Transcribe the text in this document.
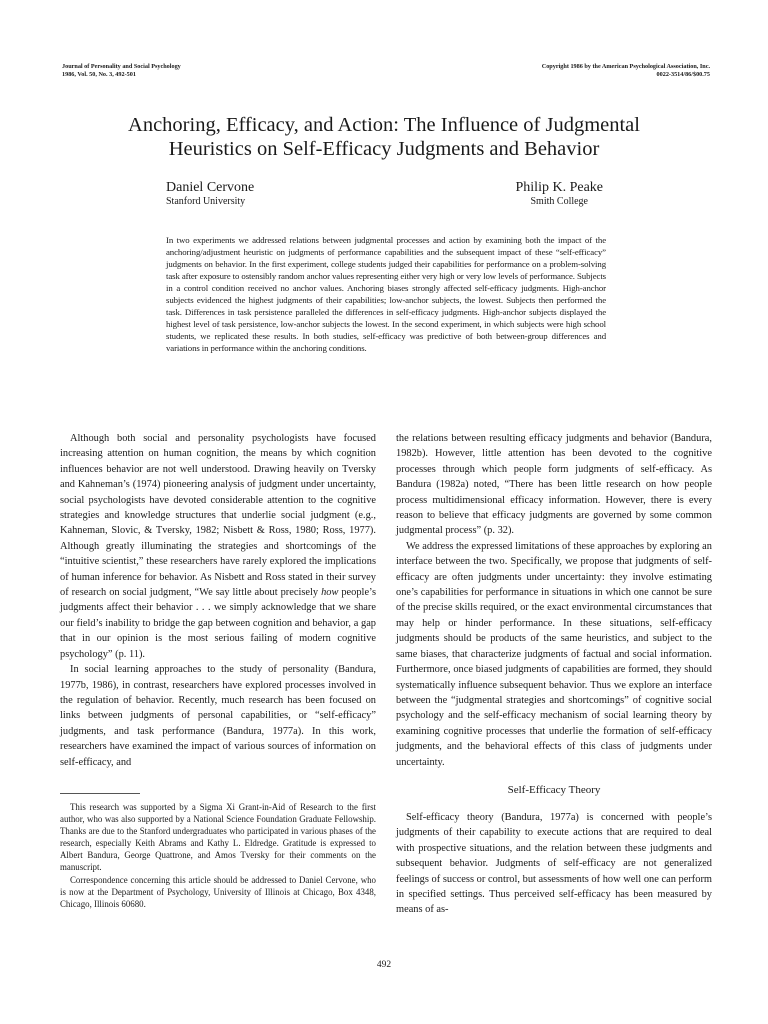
Journal of Personality and Social Psychology
1986, Vol. 50, No. 3, 492-501
Copyright 1986 by the American Psychological Association, Inc.
0022-3514/86/$00.75
Anchoring, Efficacy, and Action: The Influence of Judgmental
Heuristics on Self-Efficacy Judgments and Behavior
Daniel Cervone
Stanford University
Philip K. Peake
Smith College

In two experiments we addressed relations between judgmental processes and action by examining both the impact of the anchoring/adjustment heuristic on judgments of performance capabilities and the subsequent impact of these “self-efficacy” judgments on behavior. In the first experiment, college students judged their capabilities for performance on a problem-solving task after exposure to ostensibly random anchor values representing either very high or very low levels of performance. Subjects in a control condition received no anchor values. Anchoring biases strongly affected self-efficacy judgments. High-anchor subjects evidenced the highest judgments of their capabilities; low-anchor subjects, the lowest. Subjects then performed the task. Differences in task persistence paralleled the differences in self-efficacy judgments. High-anchor subjects displayed the highest level of task persistence, low-anchor subjects the lowest. In the second experiment, in which subjects were high school students, we replicated these results. In both studies, self-efficacy was predictive of both between-group differences and variations in performance within the anchoring conditions.

Although both social and personality psychologists have focused increasing attention on human cognition, the means by which cognition influences behavior are not well understood. Drawing heavily on Tversky and Kahneman’s (1974) pioneering analysis of judgment under uncertainty, social psychologists have devoted considerable attention to the cognitive strategies and knowledge structures that underlie social judgment (e.g., Kahneman, Slovic, & Tversky, 1982; Nisbett & Ross, 1980; Ross, 1977). Although greatly illuminating the strategies and shortcomings of the “intuitive scientist,” these researchers have rarely explored the implications of human inference for behavior. As Nisbett and Ross stated in their survey of research on social judgment, “We say little about precisely how people’s judgments affect their behavior . . . we simply acknowledge that we share our field’s inability to bridge the gap between cognition and behavior, a gap that in our opinion is the most serious failing of modern cognitive psychology” (p. 11).

In social learning approaches to the study of personality (Bandura, 1977b, 1986), in contrast, researchers have explored processes involved in the regulation of behavior. Recently, much research has been focused on links between judgments of personal capabilities, or “self-efficacy” judgments, and task performance (Bandura, 1977a). In this work, researchers have examined the impact of various sources of information on self-efficacy, and

This research was supported by a Sigma Xi Grant-in-Aid of Research to the first author, who was also supported by a National Science Foundation Graduate Fellowship. Thanks are due to the Stanford undergraduates who participated in various phases of the research, especially Keith Abrams and Kathy L. Eldredge. Gratitude is expressed to Albert Bandura, George Quattrone, and Amos Tversky for their comments on the manuscript.

Correspondence concerning this article should be addressed to Daniel Cervone, who is now at the Department of Psychology, University of Illinois at Chicago, Box 4348, Chicago, Illinois 60680.

the relations between resulting efficacy judgments and behavior (Bandura, 1982b). However, little attention has been devoted to the cognitive processes through which people form judgments of self-efficacy. As Bandura (1982a) noted, “There has been little research on how people process multidimensional efficacy information. However, there is every reason to believe that efficacy judgments are governed by some common judgmental process” (p. 32).

We address the expressed limitations of these approaches by exploring an interface between the two. Specifically, we propose that judgments of self-efficacy are often judgments under uncertainty: they involve estimating one’s capabilities for performance in situations in which one cannot be sure of the precise skills required, or the exact environmental circumstances that may help or hinder performance. In these situations, self-efficacy judgments should be products of the same heuristics, and subject to the same biases, that characterize judgments of factual and social information. Furthermore, once biased judgments of capabilities are formed, they should systematically influence subsequent behavior. Thus we explore an interface between the “judgmental strategies and shortcomings” of cognitive social psychology and the self-efficacy mechanism of social learning theory by examining cognitive processes that underlie the formation of self-efficacy judgments, and the behavioral effects of this class of judgments under uncertainty.

Self-Efficacy Theory

Self-efficacy theory (Bandura, 1977a) is concerned with people’s judgments of their capability to execute actions that are required to deal with prospective situations, and the relation between these judgments and subsequent behavior. Judgments of self-efficacy are not generalized feelings of success or control, but assessments of how well one can perform in specified settings. Thus perceived self-efficacy has been measured by means of as-

492
